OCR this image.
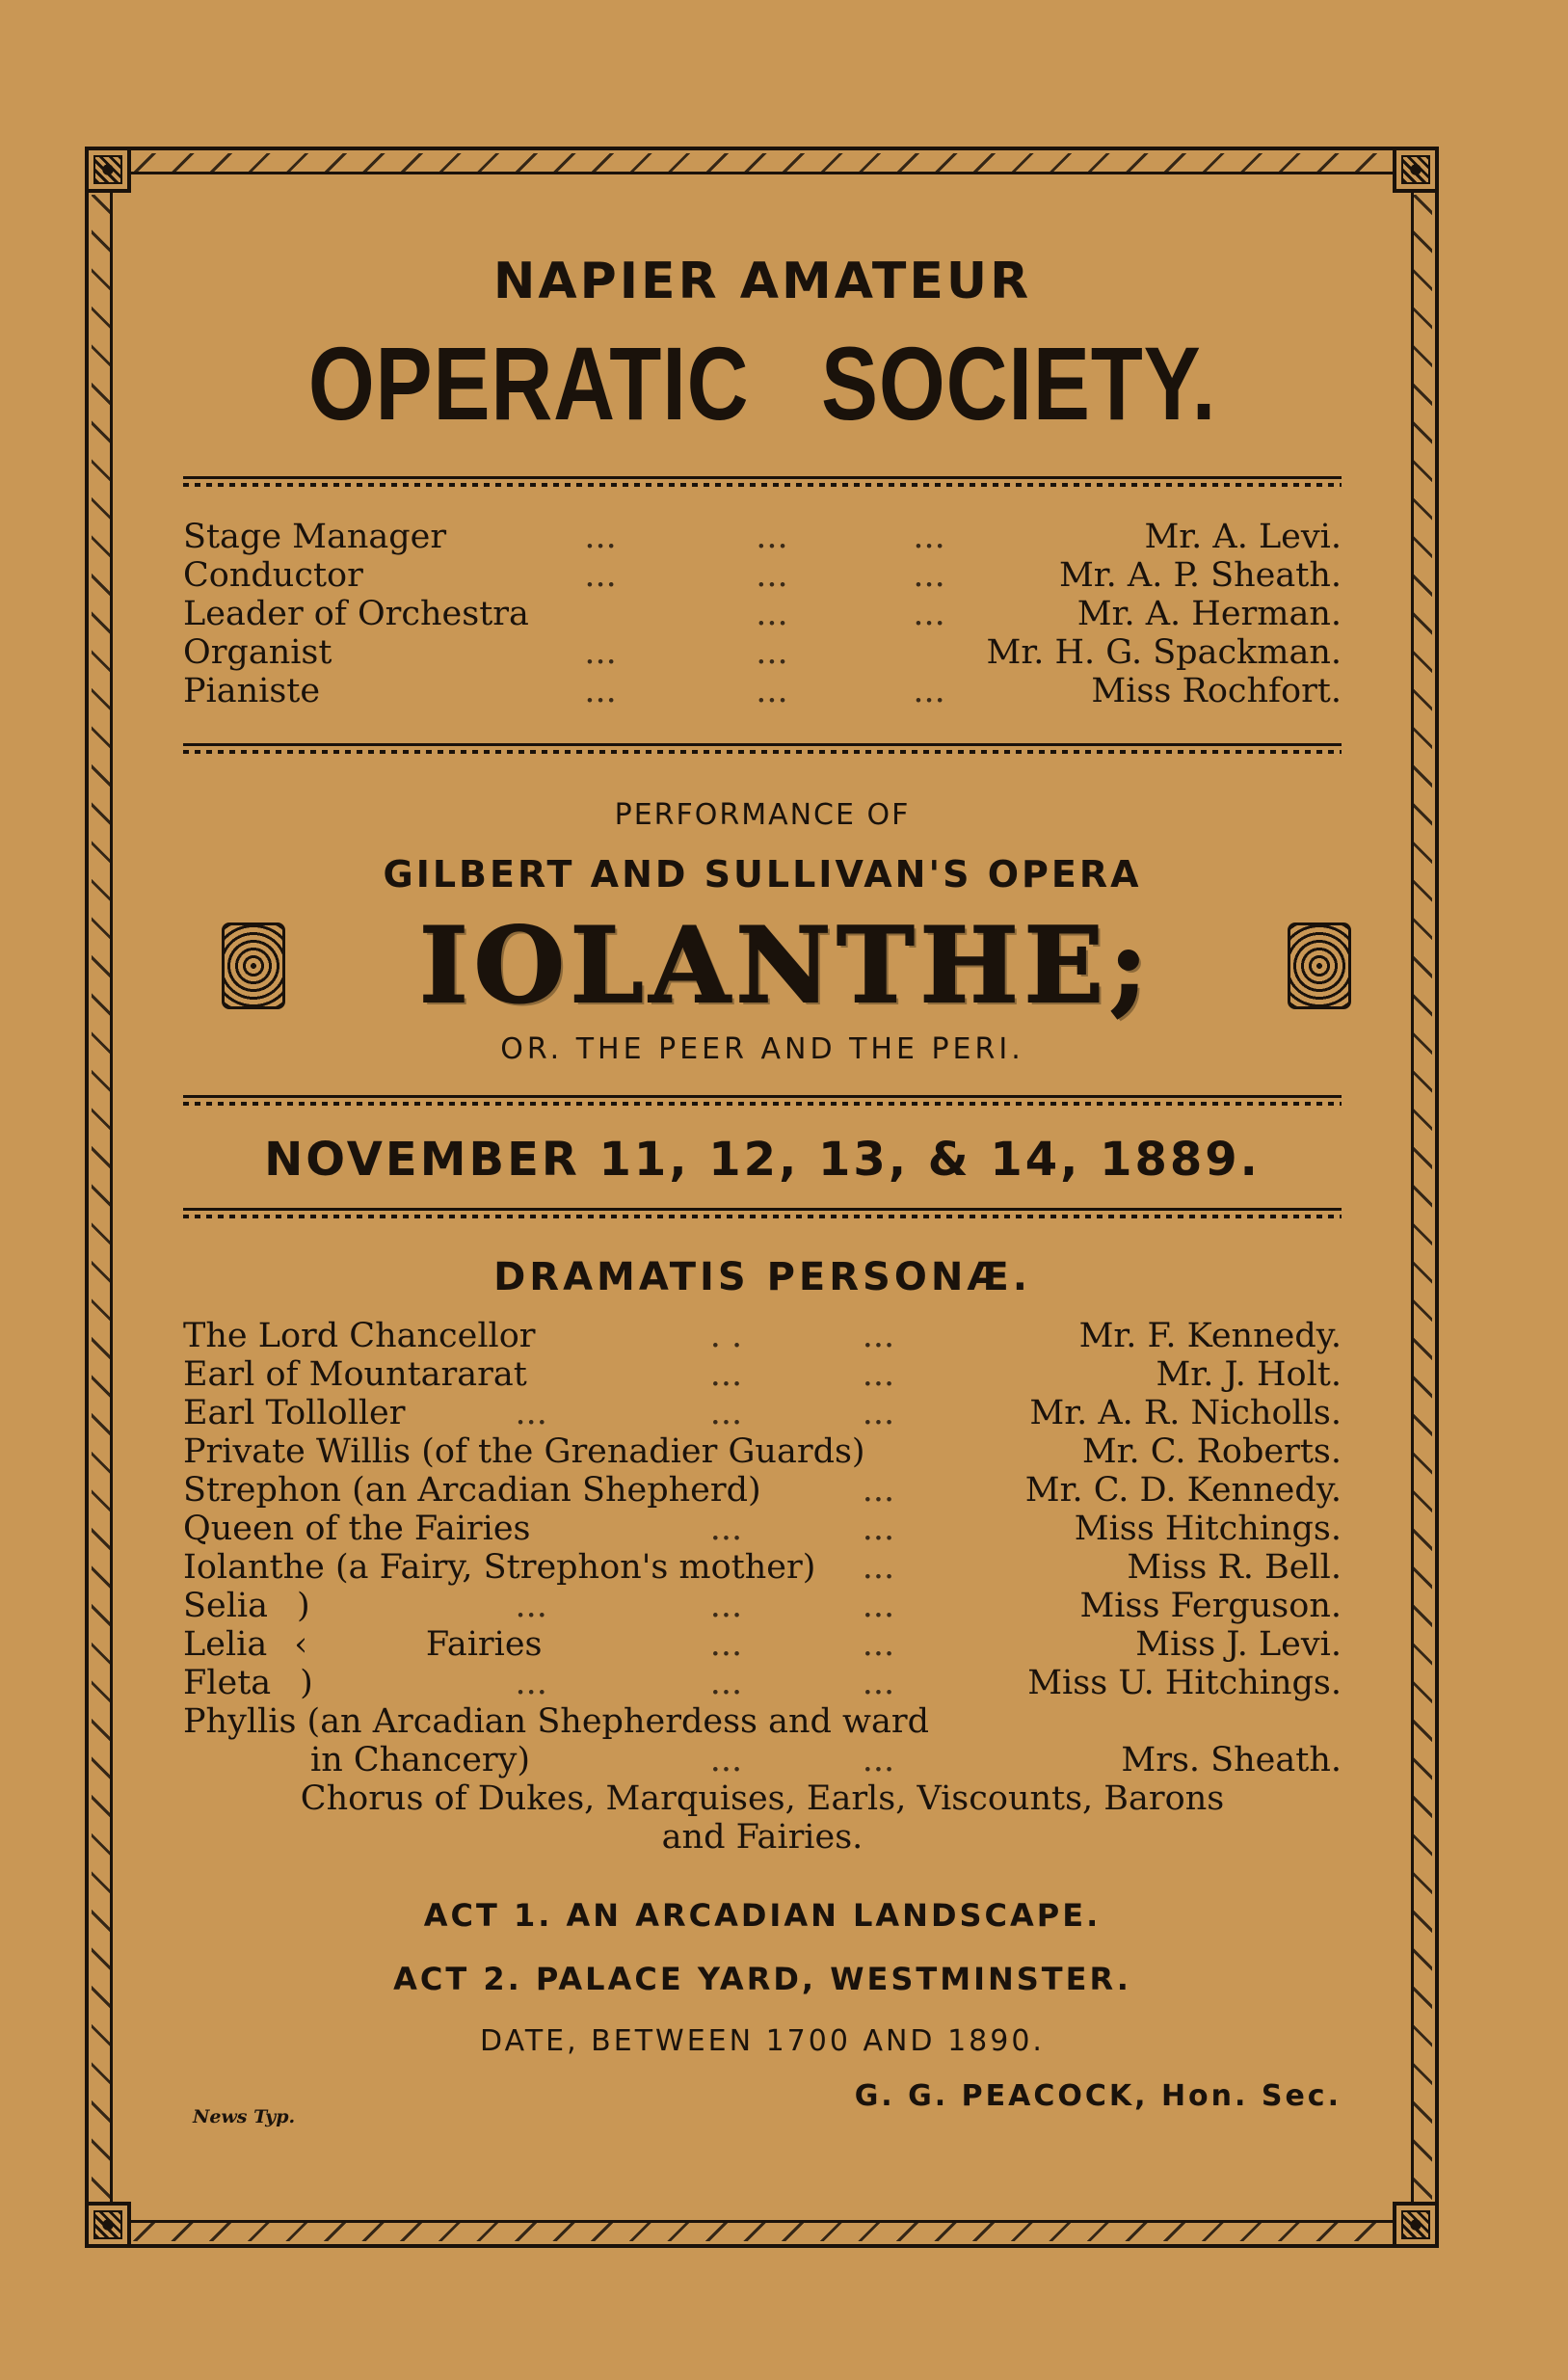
NAPIER AMATEUR
OPERATIC SOCIETY.
Stage Manager	...	...	...	Mr. A. Levi.
Conductor	...	...	...	Mr. A. P. Sheath.
Leader of Orchestra		...	...	Mr. A. Herman.
Organist	...	...		Mr. H. G. Spackman.
Pianiste	...	...	...	Miss Rochfort.
PERFORMANCE OF
GILBERT AND SULLIVAN'S OPERA
IOLANTHE;
OR. THE PEER AND THE PERI.
NOVEMBER 11, 12, 13, & 14, 1889.
DRAMATIS PERSONÆ.
The Lord Chancellor		. .	...	Mr. F. Kennedy.
Earl of Mountararat		...	...	Mr. J. Holt.
Earl Tolloller	...	...	...	Mr. A. R. Nicholls.
Private Willis (of the Grenadier Guards)				Mr. C. Roberts.
Strephon (an Arcadian Shepherd)			...	Mr. C. D. Kennedy.
Queen of the Fairies		...	...	Miss Hitchings.
Iolanthe (a Fairy, Strephon's mother)			...	Miss R. Bell.
Selia )	...	...	...	Miss Ferguson.
Lelia ‹	Fairies	...	...	Miss J. Levi.
Fleta )	...	...	...	Miss U. Hitchings.
Phyllis (an Arcadian Shepherdess and ward				
in Chancery)		...	...	Mrs. Sheath.
Chorus of Dukes, Marquises, Earls, Viscounts, Barons
and Fairies.
ACT 1. AN ARCADIAN LANDSCAPE.
ACT 2. PALACE YARD, WESTMINSTER.
DATE, BETWEEN 1700 AND 1890.
News Typ.
G. G. PEACOCK, Hon. Sec.
